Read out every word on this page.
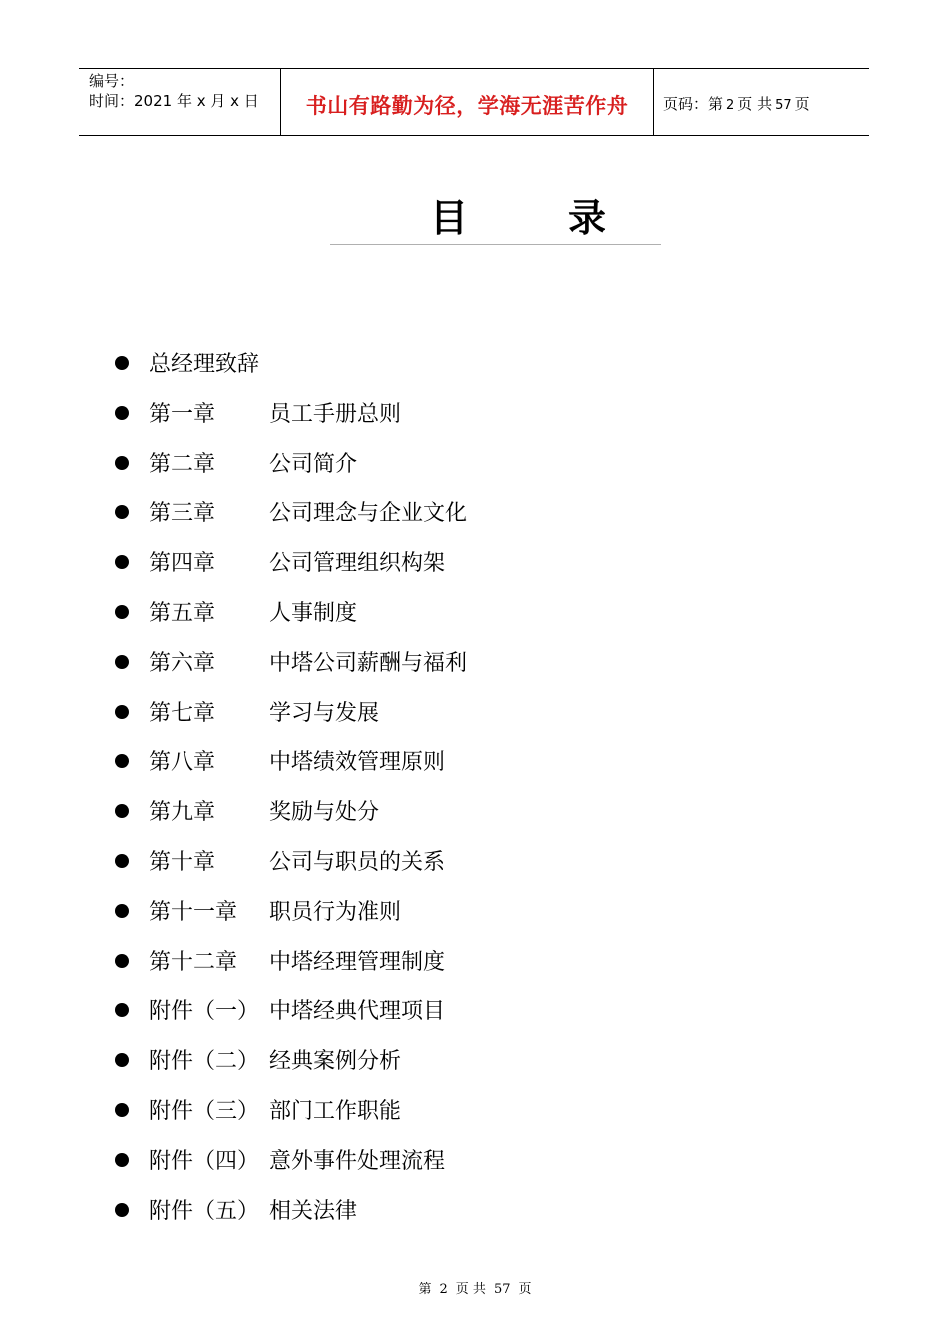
编号：
时间：2021 年 x 月 x 日	书山有路勤为径，学海无涯苦作舟	页码：第 2 页 共 57 页
目录
总经理致辞
第一章 员工手册总则
第二章 公司简介
第三章 公司理念与企业文化
第四章 公司管理组织构架
第五章 人事制度
第六章 中塔公司薪酬与福利
第七章 学习与发展
第八章 中塔绩效管理原则
第九章 奖励与处分
第十章 公司与职员的关系
第十一章 职员行为准则
第十二章 中塔经理管理制度
附件（一） 中塔经典代理项目
附件（二） 经典案例分析
附件（三） 部门工作职能
附件（四） 意外事件处理流程
附件（五） 相关法律
第 2 页 共 57 页
